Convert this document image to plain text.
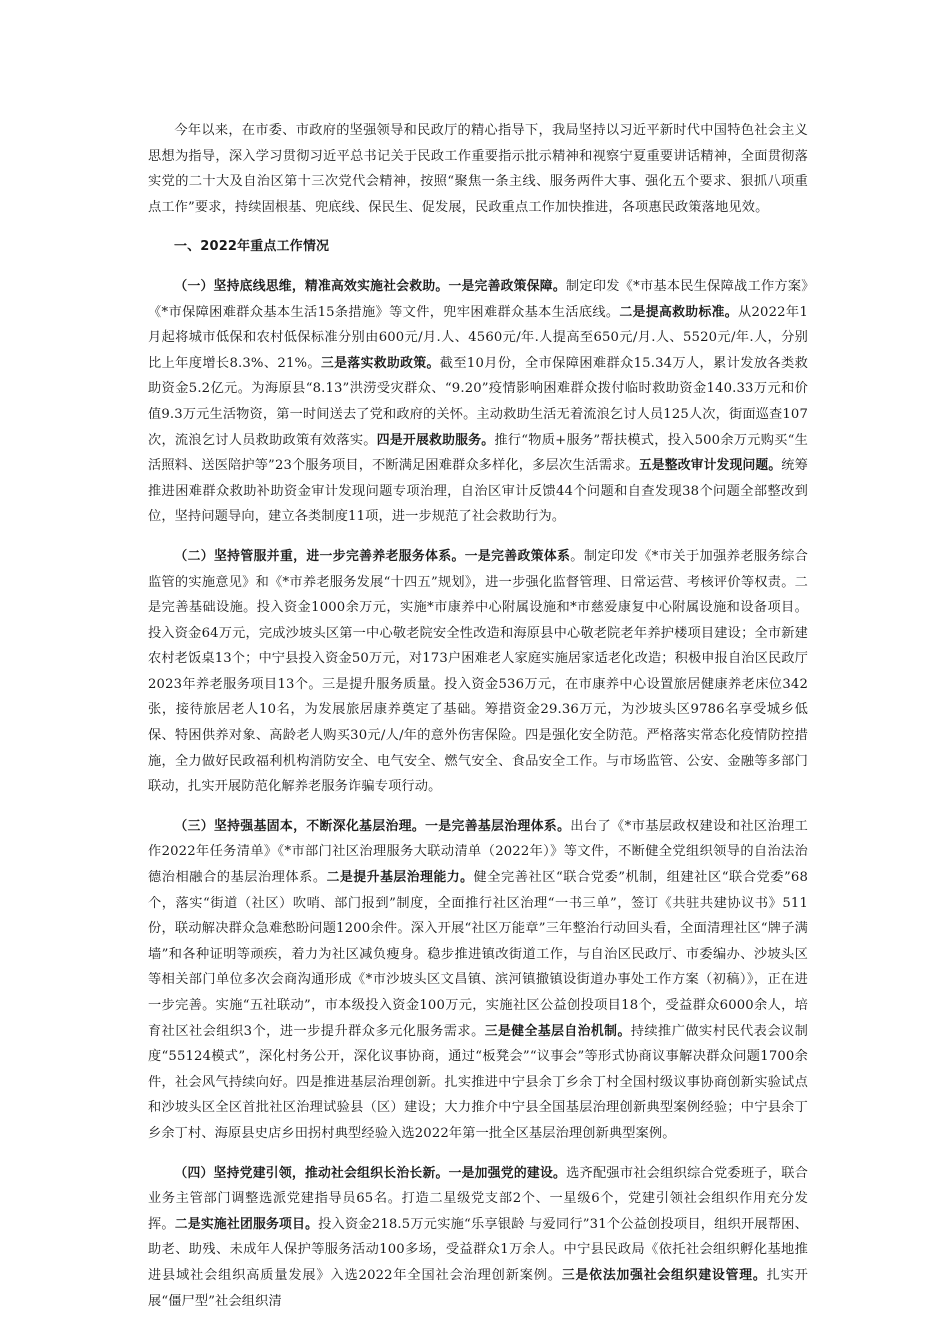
今年以来，在市委、市政府的坚强领导和民政厅的精心指导下，我局坚持以习近平新时代中国特色社会主义思想为指导，深入学习贯彻习近平总书记关于民政工作重要指示批示精神和视察宁夏重要讲话精神，全面贯彻落实党的二十大及自治区第十三次党代会精神，按照“聚焦一条主线、服务两件大事、强化五个要求、狠抓八项重点工作”要求，持续固根基、兜底线、保民生、促发展，民政重点工作加快推进，各项惠民政策落地见效。

一、2022年重点工作情况

（一）坚持底线思维，精准高效实施社会救助。一是完善政策保障。制定印发《*市基本民生保障战工作方案》《*市保障困难群众基本生活15条措施》等文件，兜牢困难群众基本生活底线。二是提高救助标准。从2022年1月起将城市低保和农村低保标准分别由600元/月.人、4560元/年.人提高至650元/月.人、5520元/年.人，分别比上年度增长8.3%、21%。三是落实救助政策。截至10月份，全市保障困难群众15.34万人，累计发放各类救助资金5.2亿元。为海原县“8.13”洪涝受灾群众、“9.20”疫情影响困难群众拨付临时救助资金140.33万元和价值9.3万元生活物资，第一时间送去了党和政府的关怀。主动救助生活无着流浪乞讨人员125人次，街面巡查107次，流浪乞讨人员救助政策有效落实。四是开展救助服务。推行“物质+服务”帮扶模式，投入500余万元购买“生活照料、送医陪护等”23个服务项目，不断满足困难群众多样化，多层次生活需求。五是整改审计发现问题。统筹推进困难群众救助补助资金审计发现问题专项治理，自治区审计反馈44个问题和自查发现38个问题全部整改到位，坚持问题导向，建立各类制度11项，进一步规范了社会救助行为。

（二）坚持管服并重，进一步完善养老服务体系。一是完善政策体系。制定印发《*市关于加强养老服务综合监管的实施意见》和《*市养老服务发展“十四五”规划》，进一步强化监督管理、日常运营、考核评价等权责。二是完善基础设施。投入资金1000余万元，实施*市康养中心附属设施和*市慈爱康复中心附属设施和设备项目。投入资金64万元，完成沙坡头区第一中心敬老院安全性改造和海原县中心敬老院老年养护楼项目建设；全市新建农村老饭桌13个；中宁县投入资金50万元，对173户困难老人家庭实施居家适老化改造；积极申报自治区民政厅2023年养老服务项目13个。三是提升服务质量。投入资金536万元，在市康养中心设置旅居健康养老床位342张，接待旅居老人10名，为发展旅居康养奠定了基础。筹措资金29.36万元，为沙坡头区9786名享受城乡低保、特困供养对象、高龄老人购买30元/人/年的意外伤害保险。四是强化安全防范。严格落实常态化疫情防控措施，全力做好民政福利机构消防安全、电气安全、燃气安全、食品安全工作。与市场监管、公安、金融等多部门联动，扎实开展防范化解养老服务诈骗专项行动。

（三）坚持强基固本，不断深化基层治理。一是完善基层治理体系。出台了《*市基层政权建设和社区治理工作2022年任务清单》《*市部门社区治理服务大联动清单（2022年）》等文件，不断健全党组织领导的自治法治德治相融合的基层治理体系。二是提升基层治理能力。健全完善社区“联合党委”机制，组建社区“联合党委”68个，落实“街道（社区）吹哨、部门报到”制度，全面推行社区治理“一书三单”，签订《共驻共建协议书》511份，联动解决群众急难愁盼问题1200余件。深入开展“社区万能章”三年整治行动回头看，全面清理社区“牌子满墙”和各种证明等顽疾，着力为社区减负瘦身。稳步推进镇改街道工作，与自治区民政厅、市委编办、沙坡头区等相关部门单位多次会商沟通形成《*市沙坡头区文昌镇、滨河镇撤镇设街道办事处工作方案（初稿）》，正在进一步完善。实施“五社联动”，市本级投入资金100万元，实施社区公益创投项目18个，受益群众6000余人，培育社区社会组织3个，进一步提升群众多元化服务需求。三是健全基层自治机制。持续推广做实村民代表会议制度“55124模式”，深化村务公开，深化议事协商，通过“板凳会”“议事会”等形式协商议事解决群众问题1700余件，社会风气持续向好。四是推进基层治理创新。扎实推进中宁县余丁乡余丁村全国村级议事协商创新实验试点和沙坡头区全区首批社区治理试验县（区）建设；大力推介中宁县全国基层治理创新典型案例经验；中宁县余丁乡余丁村、海原县史店乡田拐村典型经验入选2022年第一批全区基层治理创新典型案例。

（四）坚持党建引领，推动社会组织长治长新。一是加强党的建设。选齐配强市社会组织综合党委班子，联合业务主管部门调整选派党建指导员65名。打造二星级党支部2个、一星级6个，党建引领社会组织作用充分发挥。二是实施社团服务项目。投入资金218.5万元实施“乐享银龄 与爱同行”31个公益创投项目，组织开展帮困、助老、助残、未成年人保护等服务活动100多场，受益群众1万余人。中宁县民政局《依托社会组织孵化基地推进县域社会组织高质量发展》入选2022年全国社会治理创新案例。三是依法加强社会组织建设管理。扎实开展“僵尸型”社会组织清
